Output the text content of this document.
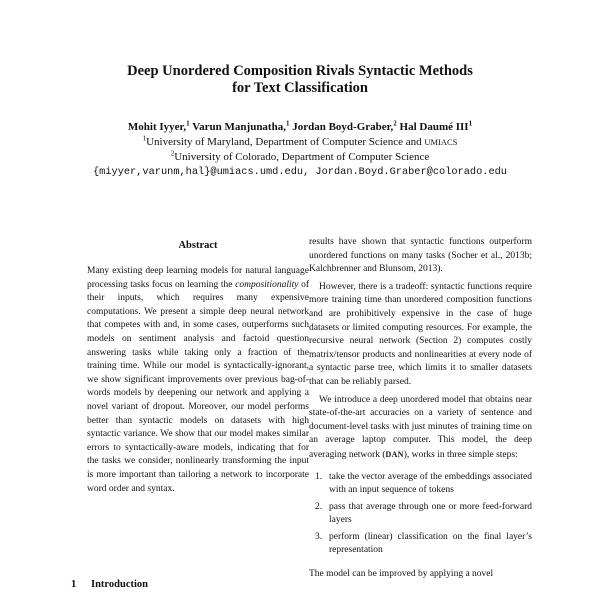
Deep Unordered Composition Rivals Syntactic Methods
for Text Classification
Mohit Iyyer,$^1$ Varun Manjunatha,$^1$ Jordan Boyd-Graber,$^2$ Hal Daumé III$^1$
$^1$University of Maryland, Department of Computer Science and UMIACS
$^2$University of Colorado, Department of Computer Science
{miyyer,varunm,hal}@umiacs.umd.edu, Jordan.Boyd.Graber@colorado.edu
Abstract
Many existing deep learning models for natural language processing tasks focus on learning the compositionality of their inputs, which requires many expensive computations. We present a simple deep neural network that competes with and, in some cases, outperforms such models on sentiment analysis and factoid question answering tasks while taking only a fraction of the training time. While our model is syntactically-ignorant, we show significant improvements over previous bag-of-words models by deepening our network and applying a novel variant of dropout. Moreover, our model performs better than syntactic models on datasets with high syntactic variance. We show that our model makes similar errors to syntactically-aware models, indicating that for the tasks we consider, nonlinearly transforming the input is more important than tailoring a network to incorporate word order and syntax.
1 Introduction

results have shown that syntactic functions outperform unordered functions on many tasks (Socher et al., 2013b; Kalchbrenner and Blunsom, 2013).

However, there is a tradeoff: syntactic functions require more training time than unordered composition functions and are prohibitively expensive in the case of huge datasets or limited computing resources. For example, the recursive neural network (Section 2) computes costly matrix/tensor products and nonlinearities at every node of a syntactic parse tree, which limits it to smaller datasets that can be reliably parsed.

We introduce a deep unordered model that obtains near state-of-the-art accuracies on a variety of sentence and document-level tasks with just minutes of training time on an average laptop computer. This model, the deep averaging network (DAN), works in three simple steps:

1. take the vector average of the embeddings associated with an input sequence of tokens
2. pass that average through one or more feed-forward layers
3. perform (linear) classification on the final layer’s representation

The model can be improved by applying a novel
